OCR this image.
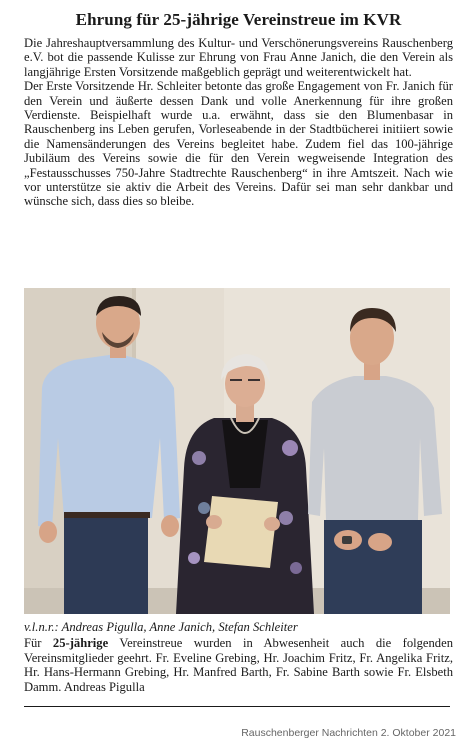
Ehrung für 25-jährige Vereinstreue im KVR

Die Jahreshauptversammlung des Kultur- und Verschönerungsvereins Rauschenberg e.V. bot die passende Kulisse zur Ehrung von Frau Anne Janich, die den Verein als langjährige Ersten Vorsitzende maßgeblich geprägt und weiterentwickelt hat.

Der Erste Vorsitzende Hr. Schleiter betonte das große Engagement von Fr. Janich für den Verein und äußerte dessen Dank und volle Anerkennung für ihre großen Verdienste. Beispielhaft wurde u.a. erwähnt, dass sie den Blumenbasar in Rauschenberg ins Leben gerufen, Vorleseabende in der Stadtbücherei initiiert sowie die Namensänderungen des Vereins begleitet habe. Zudem fiel das 100-jährige Jubiläum des Vereins sowie die für den Verein wegweisende Integration des „Festausschusses 750-Jahre Stadtrechte Rauschenberg“ in ihre Amtszeit. Nach wie vor unterstütze sie aktiv die Arbeit des Vereins. Dafür sei man sehr dankbar und wünsche sich, dass dies so bleibe.

v.l.n.r.: Andreas Pigulla, Anne Janich, Stefan Schleiter

Für 25-jährige Vereinstreue wurden in Abwesenheit auch die folgenden Vereinsmitglieder geehrt. Fr. Eveline Grebing, Hr. Joachim Fritz, Fr. Angelika Fritz, Hr. Hans-Hermann Grebing, Hr. Manfred Barth, Fr. Sabine Barth sowie Fr. Elsbeth Damm. Andreas Pigulla

Rauschenberger Nachrichten 2. Oktober 2021
